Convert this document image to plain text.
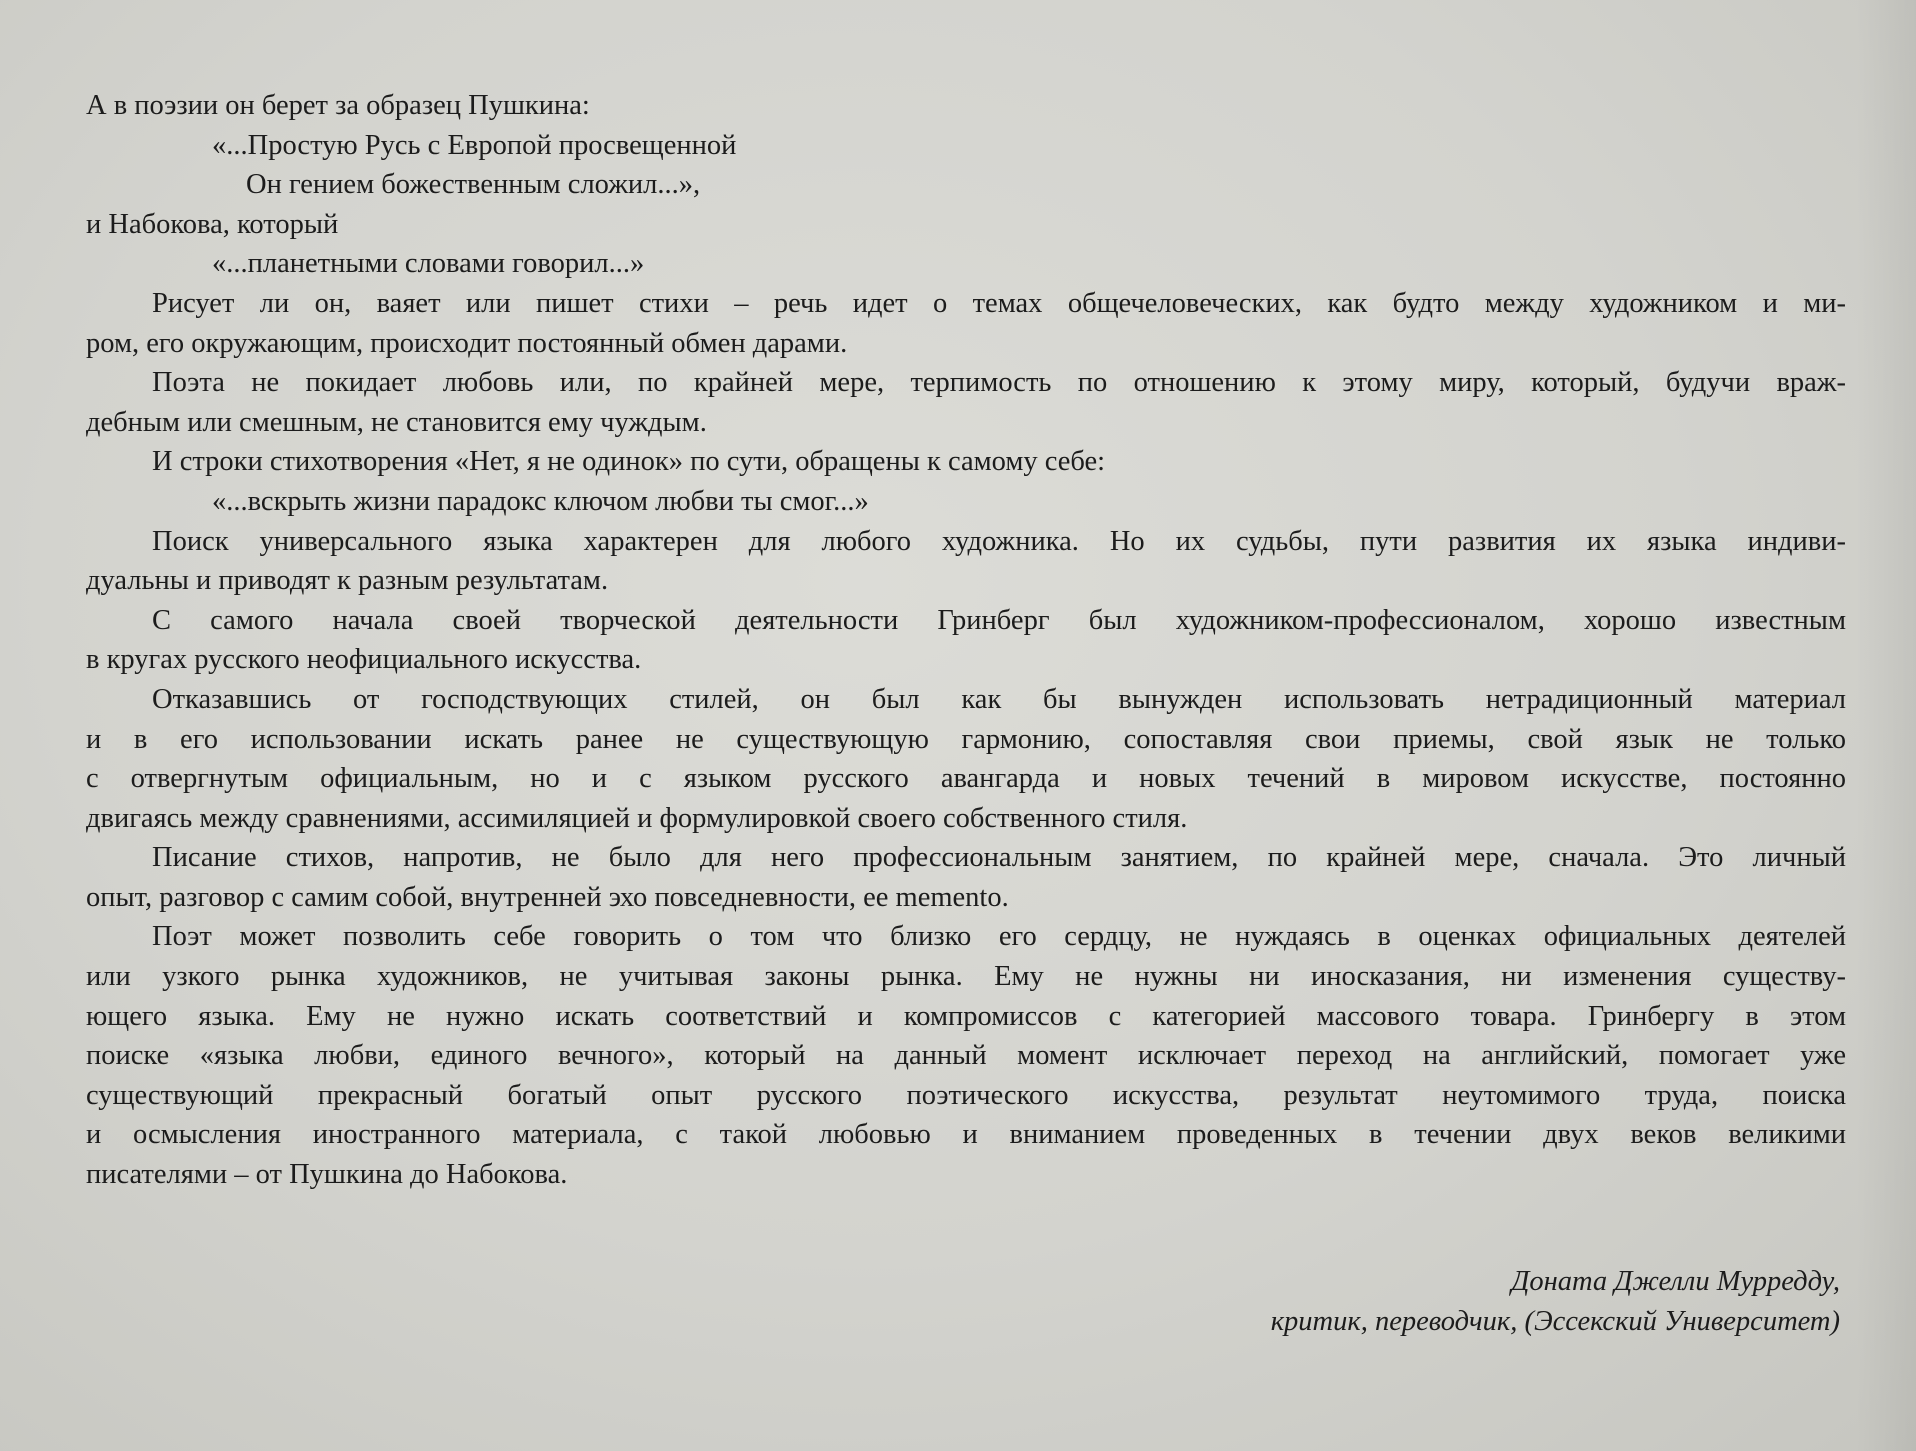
А в поэзии он берет за образец Пушкина:
«...Простую Русь с Европой просвещенной
Он гением божественным сложил...»,
и Набокова, который
«...планетными словами говорил...»
Рисует ли он, ваяет или пишет стихи – речь идет о темах общечеловеческих, как будто между художником и ми-
ром, его окружающим, происходит постоянный обмен дарами.
Поэта не покидает любовь или, по крайней мере, терпимость по отношению к этому миру, который, будучи враж-
дебным или смешным, не становится ему чуждым.
И строки стихотворения «Нет, я не одинок» по сути, обращены к самому себе:
«...вскрыть жизни парадокс ключом любви ты смог...»
Поиск универсального языка характерен для любого художника. Но их судьбы, пути развития их языка индиви-
дуальны и приводят к разным результатам.
С самого начала своей творческой деятельности Гринберг был художником-профессионалом, хорошо известным
в кругах русского неофициального искусства.
Отказавшись от господствующих стилей, он был как бы вынужден использовать нетрадиционный материал
и в его использовании искать ранее не существующую гармонию, сопоставляя свои приемы, свой язык не только
с отвергнутым официальным, но и с языком русского авангарда и новых течений в мировом искусстве, постоянно
двигаясь между сравнениями, ассимиляцией и формулировкой своего собственного стиля.
Писание стихов, напротив, не было для него профессиональным занятием, по крайней мере, сначала. Это личный
опыт, разговор с самим собой, внутренней эхо повседневности, ее memento.
Поэт может позволить себе говорить о том что близко его сердцу, не нуждаясь в оценках официальных деятелей
или узкого рынка художников, не учитывая законы рынка. Ему не нужны ни иносказания, ни изменения существу-
ющего языка. Ему не нужно искать соответствий и компромиссов с категорией массового товара. Гринбергу в этом
поиске «языка любви, единого вечного», который на данный момент исключает переход на английский, помогает уже
существующий прекрасный богатый опыт русского поэтического искусства, результат неутомимого труда, поиска
и осмысления иностранного материала, с такой любовью и вниманием проведенных в течении двух веков великими
писателями – от Пушкина до Набокова.
Доната Джелли Мурредду,
критик, переводчик, (Эссекский Университет)
